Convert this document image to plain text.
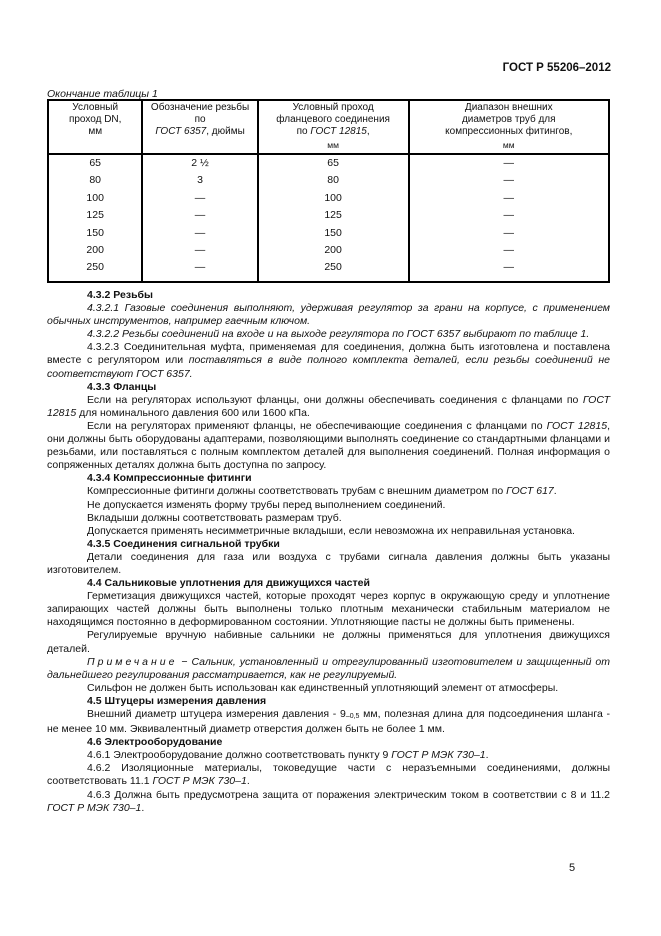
ГОСТ Р 55206–2012
Окончание таблицы 1
Условный
проход DN,
мм

Обозначение резьбы
по
ГОСТ 6357, дюймы

Условный проход
фланцевого соединения
по ГОСТ 12815,
мм

Диапазон внешних
диаметров труб для
компрессионных фитингов,
мм

65	2 ½	65	—
80	3	80	—
100	—	100	—
125	—	125	—
150	—	150	—
200	—	200	—
250	—	250	—

4.3.2 Резьбы

4.3.2.1 Газовые соединения выполняют, удерживая регулятор за грани на корпусе, с применением обычных инструментов, например гаечным ключом.

4.3.2.2 Резьбы соединений на входе и на выходе регулятора по ГОСТ 6357 выбирают по таблице 1.

4.3.2.3 Соединительная муфта, применяемая для соединения, должна быть изготовлена и поставлена вместе с регулятором или поставляться в виде полного комплекта деталей, если резьбы соединений не соответствуют ГОСТ 6357.

4.3.3 Фланцы

Если на регуляторах используют фланцы, они должны обеспечивать соединения с фланцами по ГОСТ 12815 для номинального давления 600 или 1600 кПа.

Если на регуляторах применяют фланцы, не обеспечивающие соединения с фланцами по ГОСТ 12815, они должны быть оборудованы адаптерами, позволяющими выполнять соединение со стандартными фланцами и резьбами, или поставляться с полным комплектом деталей для выполнения соединений. Полная информация о сопряженных деталях должна быть доступна по запросу.

4.3.4 Компрессионные фитинги

Компрессионные фитинги должны соответствовать трубам с внешним диаметром по ГОСТ 617.

Не допускается изменять форму трубы перед выполнением соединений.

Вкладыши должны соответствовать размерам труб.

Допускается применять несимметричные вкладыши, если невозможна их неправильная установка.

4.3.5 Соединения сигнальной трубки

Детали соединения для газа или воздуха с трубами сигнала давления должны быть указаны изготовителем.

4.4 Сальниковые уплотнения для движущихся частей

Герметизация движущихся частей, которые проходят через корпус в окружающую среду и уплотнение запирающих частей должны быть выполнены только плотным механически стабильным материалом не находящимся постоянно в деформированном состоянии. Уплотняющие пасты не должны быть применены.

Регулируемые вручную набивные сальники не должны применяться для уплотнения движущихся деталей.

Примечание − Сальник, установленный и отрегулированный изготовителем и защищенный от дальнейшего регулирования рассматривается, как не регулируемый.

Сильфон не должен быть использован как единственный уплотняющий элемент от атмосферы.

4.5 Штуцеры измерения давления

Внешний диаметр штуцера измерения давления - $9_{-0,5}$ мм, полезная длина для подсоединения шланга - не менее 10 мм. Эквивалентный диаметр отверстия должен быть не более 1 мм.

4.6 Электрооборудование

4.6.1 Электрооборудование должно соответствовать пункту 9 ГОСТ Р МЭК 730–1.

4.6.2 Изоляционные материалы, токоведущие части с неразъемными соединениями, должны соответствовать 11.1 ГОСТ Р МЭК 730–1.

4.6.3 Должна быть предусмотрена защита от поражения электрическим током в соответствии с 8 и 11.2 ГОСТ Р МЭК 730–1.

5
